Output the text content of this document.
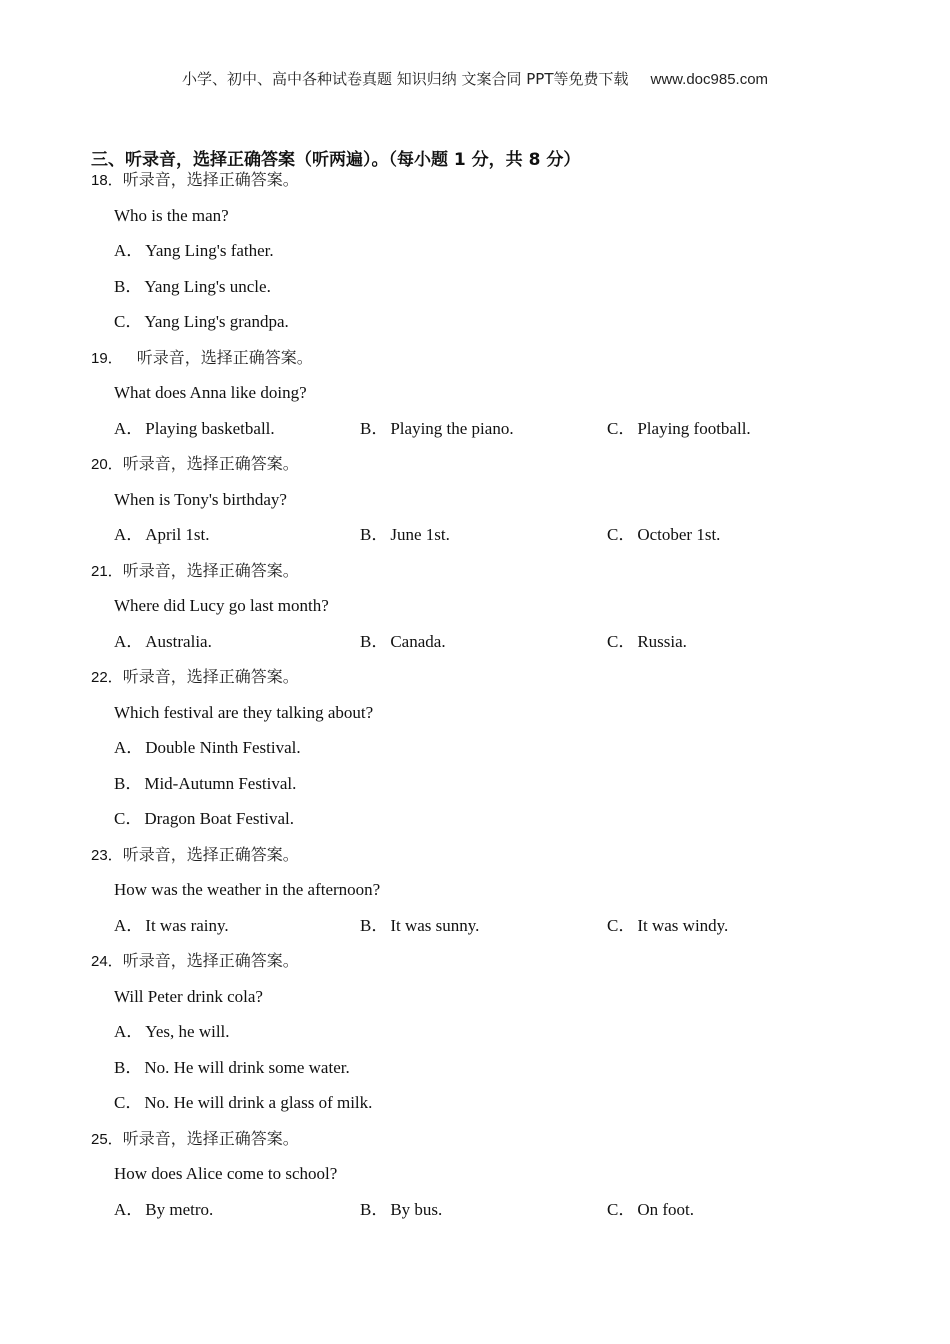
小学、初中、高中各种试卷真题 知识归纳 文案合同 PPT等免费下载 www.doc985.com
三、听录音，选择正确答案（听两遍）。（每小题 1 分，共 8 分）
18．听录音，选择正确答案。
Who is the man?
A． Yang Ling's father.
B． Yang Ling's uncle.
C． Yang Ling's grandpa.
19． 听录音，选择正确答案。
What does Anna like doing?
A． Playing basketball.	B． Playing the piano.	C． Playing football.
20．听录音，选择正确答案。
When is Tony's birthday?
A． April 1st.	B． June 1st.	C． October 1st.
21．听录音，选择正确答案。
Where did Lucy go last month?
A． Australia.	B． Canada.	C． Russia.
22．听录音，选择正确答案。
Which festival are they talking about?
A． Double Ninth Festival.
B． Mid-Autumn Festival.
C． Dragon Boat Festival.
23．听录音，选择正确答案。
How was the weather in the afternoon?
A． It was rainy.	B． It was sunny.	C． It was windy.
24．听录音，选择正确答案。
Will Peter drink cola?
A． Yes, he will.
B． No. He will drink some water.
C． No. He will drink a glass of milk.
25．听录音，选择正确答案。
How does Alice come to school?
A． By metro.	B． By bus.	C． On foot.
